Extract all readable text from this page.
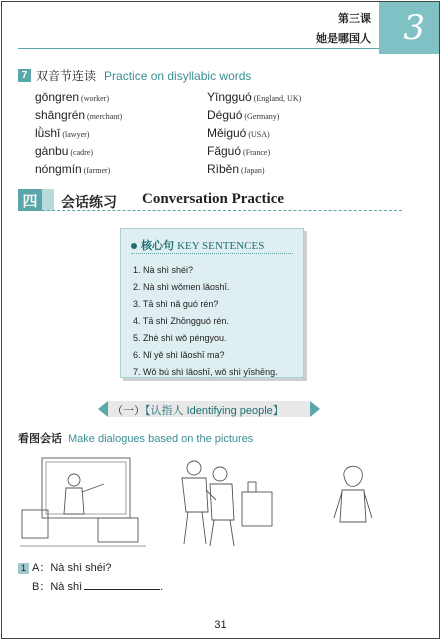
3
第三课
她是哪国人
7 双音节连读 Practice on disyllabic words
gōngren (worker)	Yīngguó (England, UK)
shāngrén (merchant)	Déguó (Germany)
lǜshī (lawyer)	Měiguó (USA)
gànbu (cadre)	Fǎguó (France)
nóngmín (farmer)	Rìběn (Japan)
四	会话练习 Conversation Practice
核心句 KEY SENTENCES
1. Nà shì shéi?
2. Nà shì wǒmen lǎoshī.
3. Tā shì nǎ guó rén?
4. Tā shì Zhōngguó rén.
5. Zhè shì wǒ péngyou.
6. Nǐ yě shì lǎoshī ma?
7. Wǒ bú shì lǎoshī, wǒ shì yīshēng.
（一）【认指人 Identifying people】
看图会话 Make dialogues based on the pictures
1 A：Nà shì shéi?
B：Nà shì	.
31
